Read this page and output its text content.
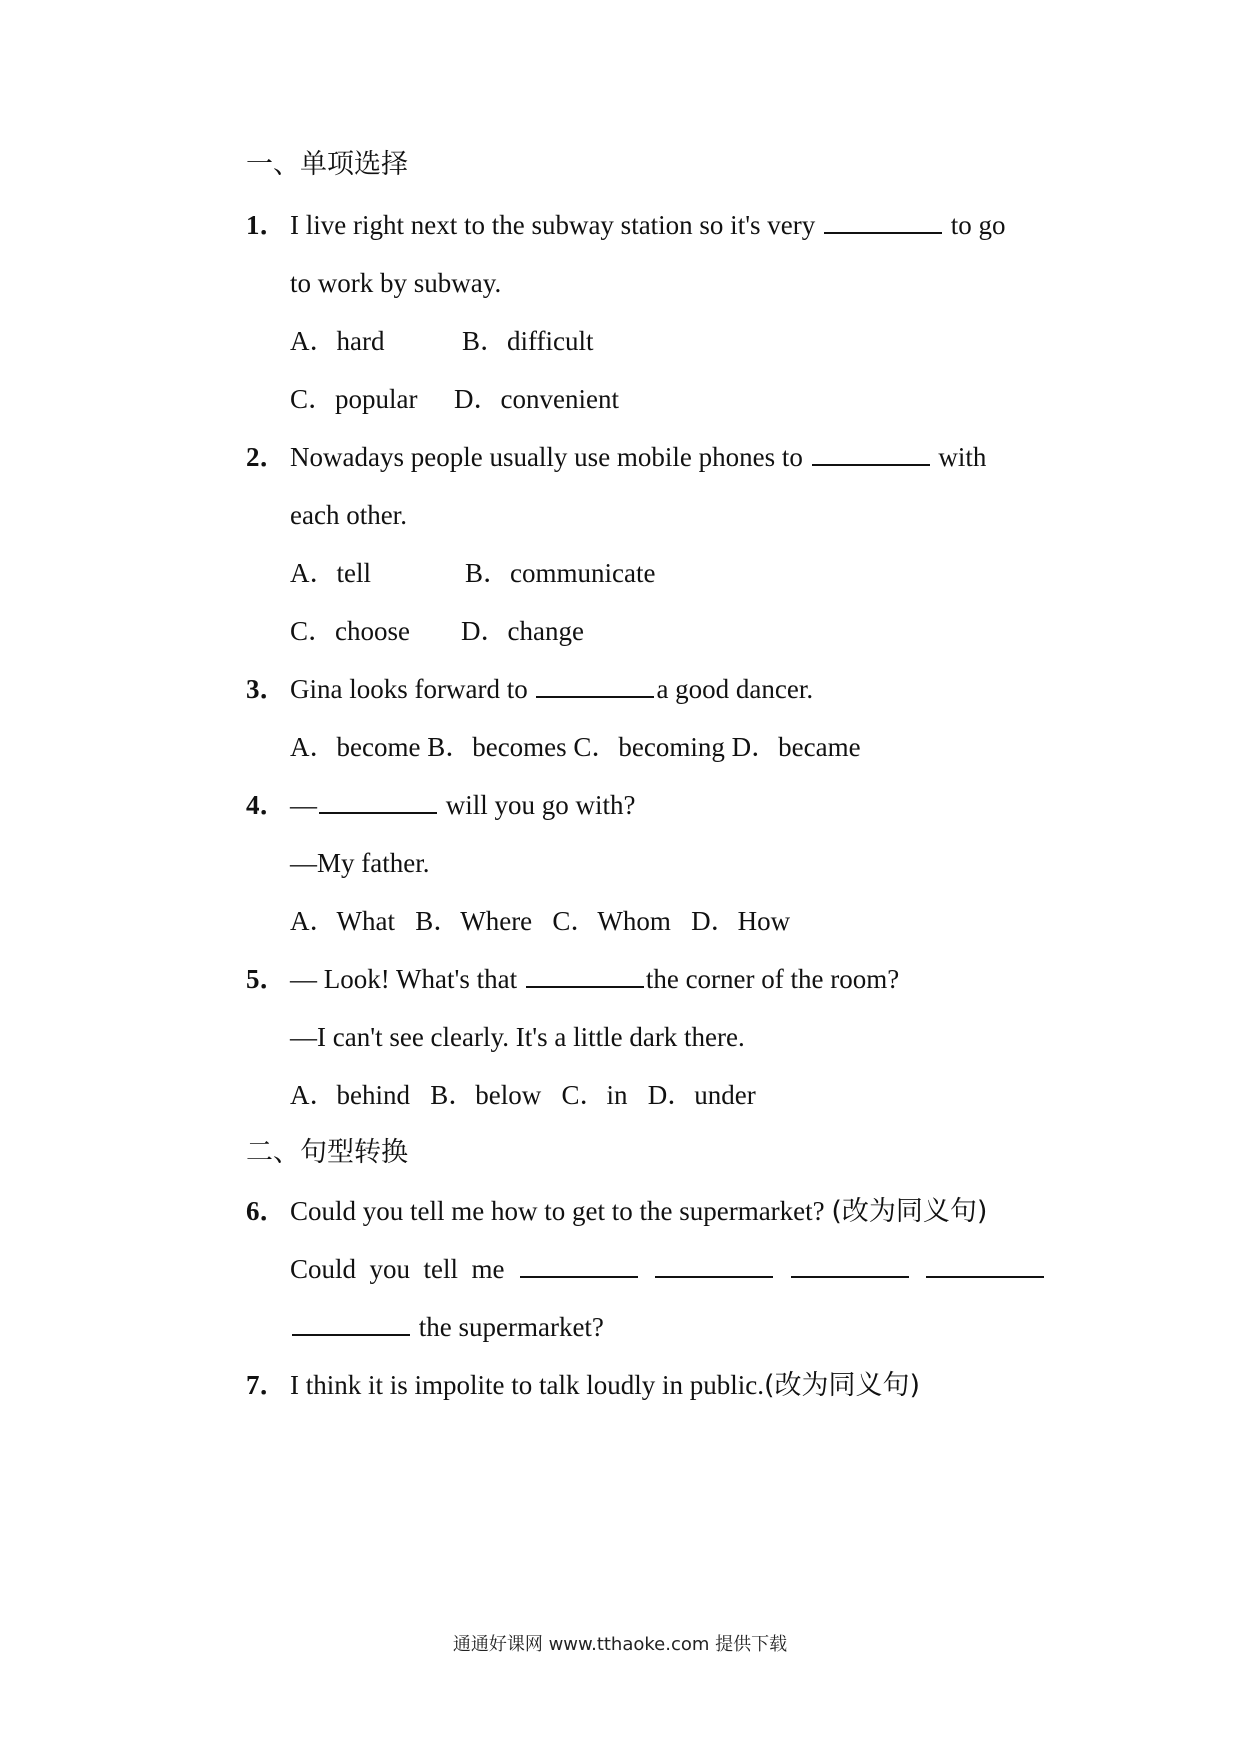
一、单项选择
1． I live right next to the subway station so it's very	to go
to work by subway.
A．hard	B．difficult
C．popular D．convenient
2． Nowadays people usually use mobile phones to	with
each other.
A．tell	B．communicate
C．choose D．change
3． Gina looks forward to	a good dancer.
A．become B．becomes C．becoming D．became
4． —	will you go with?
—My father.
A．What   B．Where   C．Whom   D．How
5． — Look! What's that	the corner of the room?
—I can't see clearly. It's a little dark there.
A．behind   B．below   C．in   D．under
二、句型转换
6． Could you tell me how to get to the supermarket? (改为同义句)
Could  you  tell  me
the supermarket?
7． I think it is impolite to talk loudly in public.(改为同义句)
通通好课网 www.tthaoke.com 提供下载
